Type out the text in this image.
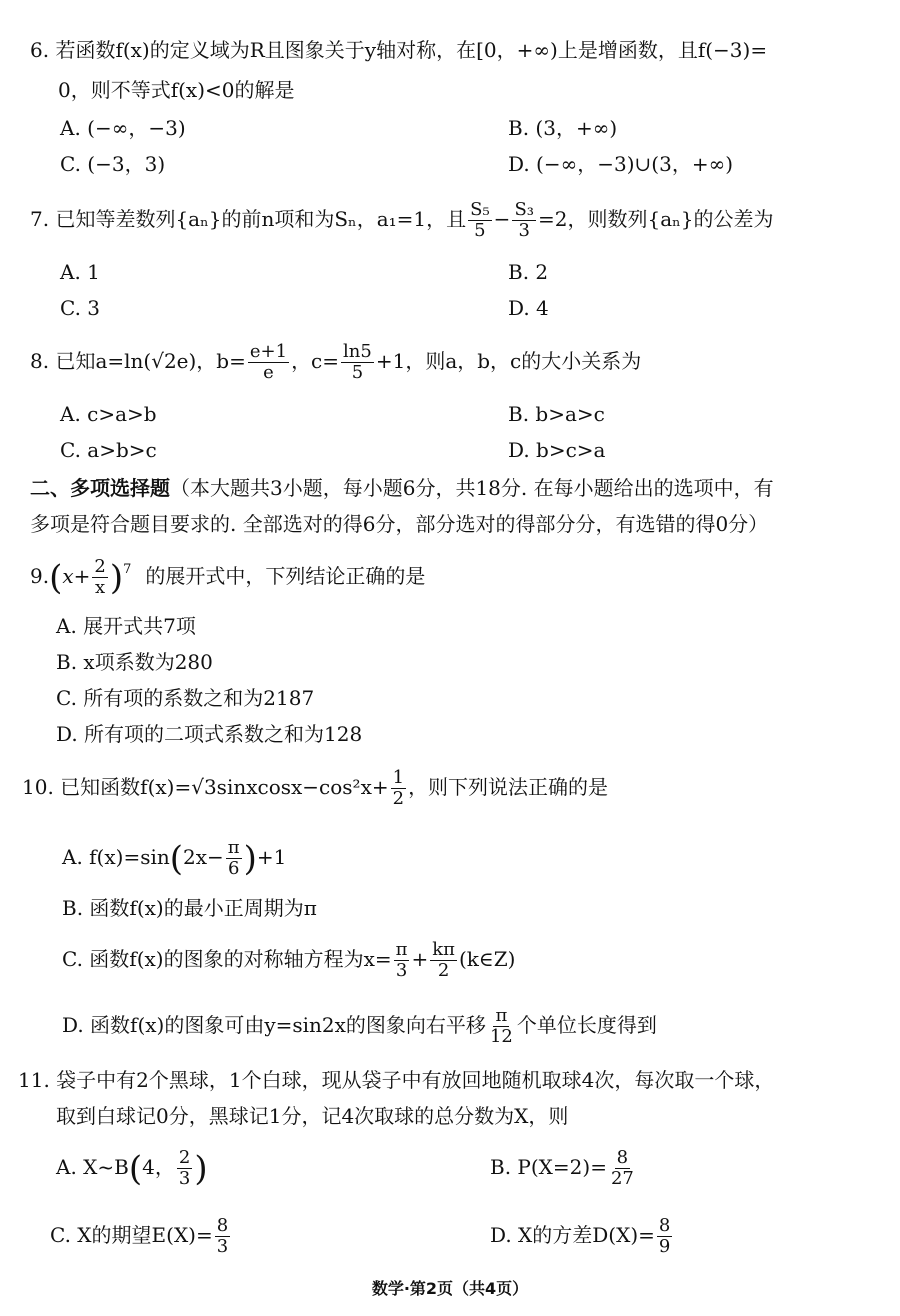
6. 若函数f(x)的定义域为R且图象关于y轴对称，在[0，+∞)上是增函数，且f(−3)=
0，则不等式f(x)<0的解是
A. (−∞，−3)	B. (3，+∞)
C. (−3，3)	D. (−∞，−3)∪(3，+∞)
7. 已知等差数列{aₙ}的前n项和为Sₙ，a₁=1，且 $\frac{\text{S₅}}{5} - \frac{\text{S₃}}{3} =2$，则数列{aₙ}的公差为
A. 1	B. 2
C. 3	D. 4
8. 已知a=ln(√2e)，$b= \frac{e+1}{e}$ ，$c= \frac{\ln 5}{5} +1$，则a，b，c的大小关系为
A. c>a>b	B. b>a>c
C. a>b>c	D. b>c>a
二、多项选择题（本大题共3小题，每小题6分，共18分. 在每小题给出的选项中，有
多项是符合题目要求的. 全部选对的得6分，部分选对的得部分分，有选错的得0分）
$9.(x+ \frac{2}{x} )^7$ 的展开式中，下列结论正确的是
A. 展开式共7项
B. x项系数为280
C. 所有项的系数之和为2187
D. 所有项的二项式系数之和为128
10. 已知函数f(x)=√3sinxcosx−cos²x+ $\frac{1}{2}$ ，则下列说法正确的是
A. $f(x)=\sin(2x- \frac{\pi}{6} )+1$
B. 函数f(x)的最小正周期为π
C. 函数f(x)的图象的对称轴方程为$x= \frac{\pi}{3} + \frac{k\pi}{2}$ (k∈Z)
D. 函数f(x)的图象可由y=sin2x的图象向右平移 $\frac{\pi}{12}$ 个单位长度得到
11. 袋子中有2个黑球，1个白球，现从袋子中有放回地随机取球4次，每次取一个球，
取到白球记0分，黑球记1分，记4次取球的总分数为X，则
A. X~B(4， $\frac{2}{3}$ )	B. $P(X=2)= \frac{8}{27}$
C. X的期望$E(X)= \frac{8}{3}$	D. X的方差$D(X)= \frac{8}{9}$
数学·第2页（共4页）
